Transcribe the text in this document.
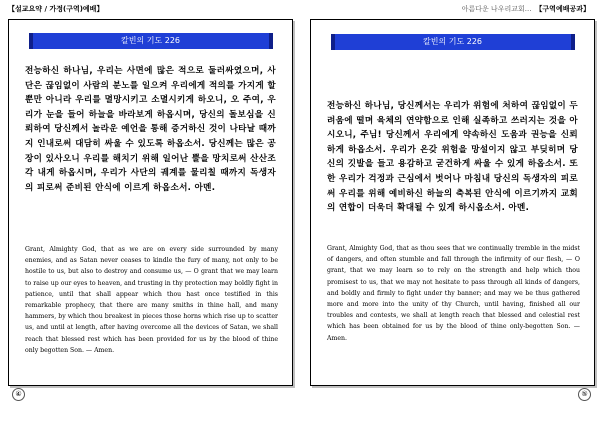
【설교요약 / 가정(구역)예배】	아름다운 나우리교회... 【구역예배공과】
칼빈의 기도 226
전능하신 하나님, 우리는 사면에 많은 적으로 둘러싸였으며, 사단은 끊임없이 사람의 분노를 일으켜 우리에게 적의를 가지게 할 뿐만 아니라 우리를 멸망시키고 소멸시키게 하오니, 오 주여, 우리가 눈을 들어 하늘을 바라보게 하옵시며, 당신의 돌보심을 신뢰하여 당신께서 놀라운 예언을 통해 증거하신 것이 나타날 때까지 인내로써 대담히 싸울 수 있도록 하옵소서. 당신께는 많은 공장이 있사오니 우리를 해치기 위해 일어난 뿔을 망치로써 산산조각 내게 하옵시며, 우리가 사단의 궤계를 물리칠 때까지 독생자의 피로써 준비된 안식에 이르게 하옵소서. 아멘.
Grant, Almighty God, that as we are on every side surrounded by many enemies, and as Satan never ceases to kindle the fury of many, not only to be hostile to us, but also to destroy and consume us, — O grant that we may learn to raise up our eyes to heaven, and trusting in thy protection may boldly fight in patience, until that shall appear which thou hast once testified in this remarkable prophecy, that there are many smiths in thine hall, and many hammers, by which thou breakest in pieces those horns which rise up to scatter us, and until at length, after having overcome all the devices of Satan, we shall reach that blessed rest which has been provided for us by the blood of thine only begotten Son. — Amen.
칼빈의 기도 226
전능하신 하나님, 당신께서는 우리가 위험에 처하여 끊임없이 두려움에 떨며 육체의 연약함으로 인해 실족하고 쓰러지는 것을 아시오니, 주님! 당신께서 우리에게 약속하신 도움과 권능을 신뢰하게 하옵소서. 우리가 온갖 위험을 망설이지 않고 부딪히며 당신의 깃발을 들고 용감하고 굳건하게 싸울 수 있게 하옵소서. 또한 우리가 걱정과 근심에서 벗어나 마침내 당신의 독생자의 피로써 우리를 위해 예비하신 하늘의 축복된 안식에 이르기까지 교회의 연합이 더욱더 확대될 수 있게 하시옵소서. 아멘.
Grant, Almighty God, that as thou sees that we continually tremble in the midst of dangers, and often stumble and fall through the infirmity of our flesh, — O grant, that we may learn so to rely on the strength and help which thou promisest to us, that we may not hesitate to pass through all kinds of dangers, and boldly and firmly to fight under thy banner; and may we be thus gathered more and more into the unity of thy Church, until having, finished all our troubles and contests, we shall at length reach that blessed and celestial rest which has been obtained for us by the blood of thine only-begotten Son. — Amen.
④	⑤
